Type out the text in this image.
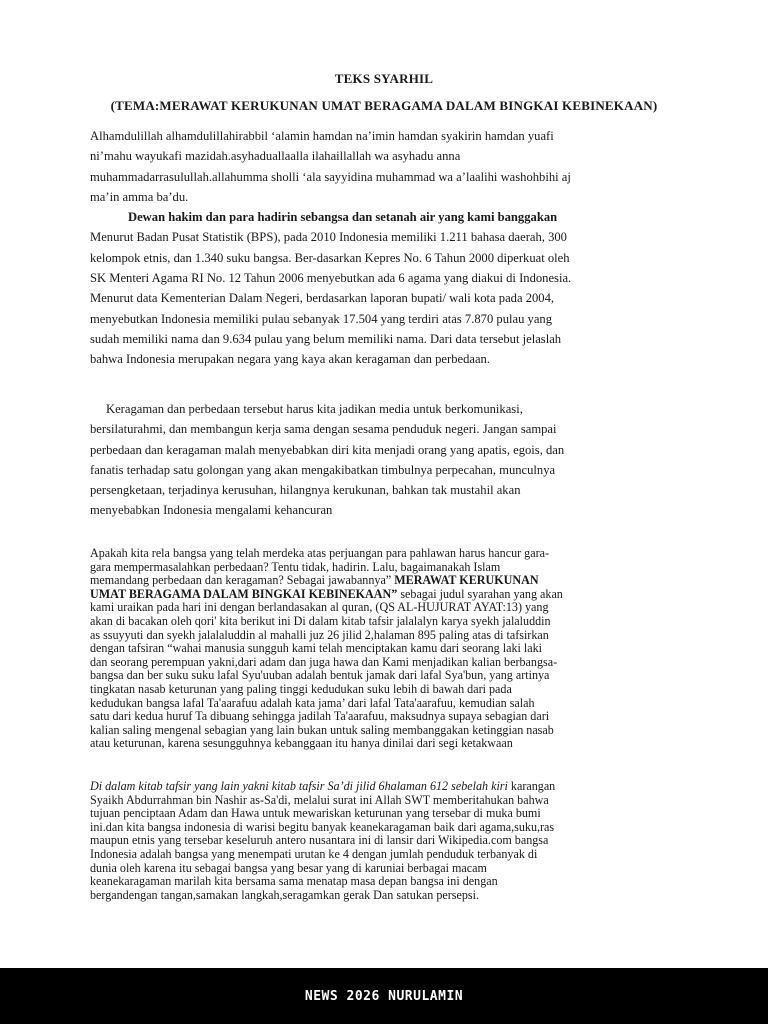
TEKS SYARHIL
(TEMA:MERAWAT KERUKUNAN UMAT BERAGAMA DALAM BINGKAI KEBINEKAAN)

Alhamdulillah alhamdulillahirabbil ‘alamin hamdan na’imin hamdan syakirin hamdan yuafi

ni’mahu wayukafi mazidah.asyhaduallaalla ilahaillallah wa asyhadu anna

muhammadarrasulullah.allahumma sholli ‘ala sayyidina muhammad wa a’laalihi washohbihi aj

ma’in amma ba’du.

Dewan hakim dan para hadirin sebangsa dan setanah air yang kami banggakan

Menurut Badan Pusat Statistik (BPS), pada 2010 Indonesia memiliki 1.211 bahasa daerah, 300

kelompok etnis, dan 1.340 suku bangsa. Ber-dasarkan Kepres No. 6 Tahun 2000 diperkuat oleh

SK Menteri Agama RI No. 12 Tahun 2006 menyebutkan ada 6 agama yang diakui di Indonesia.

Menurut data Kementerian Dalam Negeri, berdasarkan laporan bupati/ wali kota pada 2004,

menyebutkan Indonesia memiliki pulau sebanyak 17.504 yang terdiri atas 7.870 pulau yang

sudah memiliki nama dan 9.634 pulau yang belum memiliki nama. Dari data tersebut jelaslah

bahwa Indonesia merupakan negara yang kaya akan keragaman dan perbedaan.

Keragaman dan perbedaan tersebut harus kita jadikan media untuk berkomunikasi,

bersilaturahmi, dan membangun kerja sama dengan sesama penduduk negeri. Jangan sampai

perbedaan dan keragaman malah menyebabkan diri kita menjadi orang yang apatis, egois, dan

fanatis terhadap satu golongan yang akan mengakibatkan timbulnya perpecahan, munculnya

persengketaan, terjadinya kerusuhan, hilangnya kerukunan, bahkan tak mustahil akan

menyebabkan Indonesia mengalami kehancuran

Apakah kita rela bangsa yang telah merdeka atas perjuangan para pahlawan harus hancur gara-

gara mempermasalahkan perbedaan? Tentu tidak, hadirin. Lalu, bagaimanakah Islam

memandang perbedaan dan keragaman? Sebagai jawabannya” MERAWAT KERUKUNAN

UMAT BERAGAMA DALAM BINGKAI KEBINEKAAN” sebagai judul syarahan yang akan

kami uraikan pada hari ini dengan berlandasakan al quran, (QS AL-HUJURAT AYAT:13) yang

akan di bacakan oleh qori' kita berikut ini Di dalam kitab tafsir jalalalyn karya syekh jalaluddin

as ssuyyuti dan syekh jalalaluddin al mahalli juz 26 jilid 2,halaman 895 paling atas di tafsirkan

dengan tafsiran “wahai manusia sungguh kami telah menciptakan kamu dari seorang laki laki

dan seorang perempuan yakni,dari adam dan juga hawa dan Kami menjadikan kalian berbangsa-

bangsa dan ber suku suku lafal Syu'uuban adalah bentuk jamak dari lafal Sya'bun, yang artinya

tingkatan nasab keturunan yang paling tinggi kedudukan suku lebih di bawah dari pada

kedudukan bangsa lafal Ta'aarafuu adalah kata jama’ dari lafal Tata'aarafuu, kemudian salah

satu dari kedua huruf Ta dibuang sehingga jadilah Ta'aarafuu, maksudnya supaya sebagian dari

kalian saling mengenal sebagian yang lain bukan untuk saling membanggakan ketinggian nasab

atau keturunan, karena sesungguhnya kebanggaan itu hanya dinilai dari segi ketakwaan

Di dalam kitab tafsir yang lain yakni kitab tafsir Sa’di jilid 6halaman 612 sebelah kiri karangan

Syaikh Abdurrahman bin Nashir as-Sa'di, melalui surat ini Allah SWT memberitahukan bahwa

tujuan penciptaan Adam dan Hawa untuk mewariskan keturunan yang tersebar di muka bumi

ini.dan kita bangsa indonesia di warisi begitu banyak keanekaragaman baik dari agama,suku,ras

maupun etnis yang tersebar keseluruh antero nusantara ini di lansir dari Wikipedia.com bangsa

Indonesia adalah bangsa yang menempati urutan ke 4 dengan jumlah penduduk terbanyak di

dunia oleh karena itu sebagai bangsa yang besar yang di karuniai berbagai macam

keanekaragaman marilah kita bersama sama menatap masa depan bangsa ini dengan

bergandengan tangan,samakan langkah,seragamkan gerak Dan satukan persepsi.

NEWS 2026 NURULAMIN
